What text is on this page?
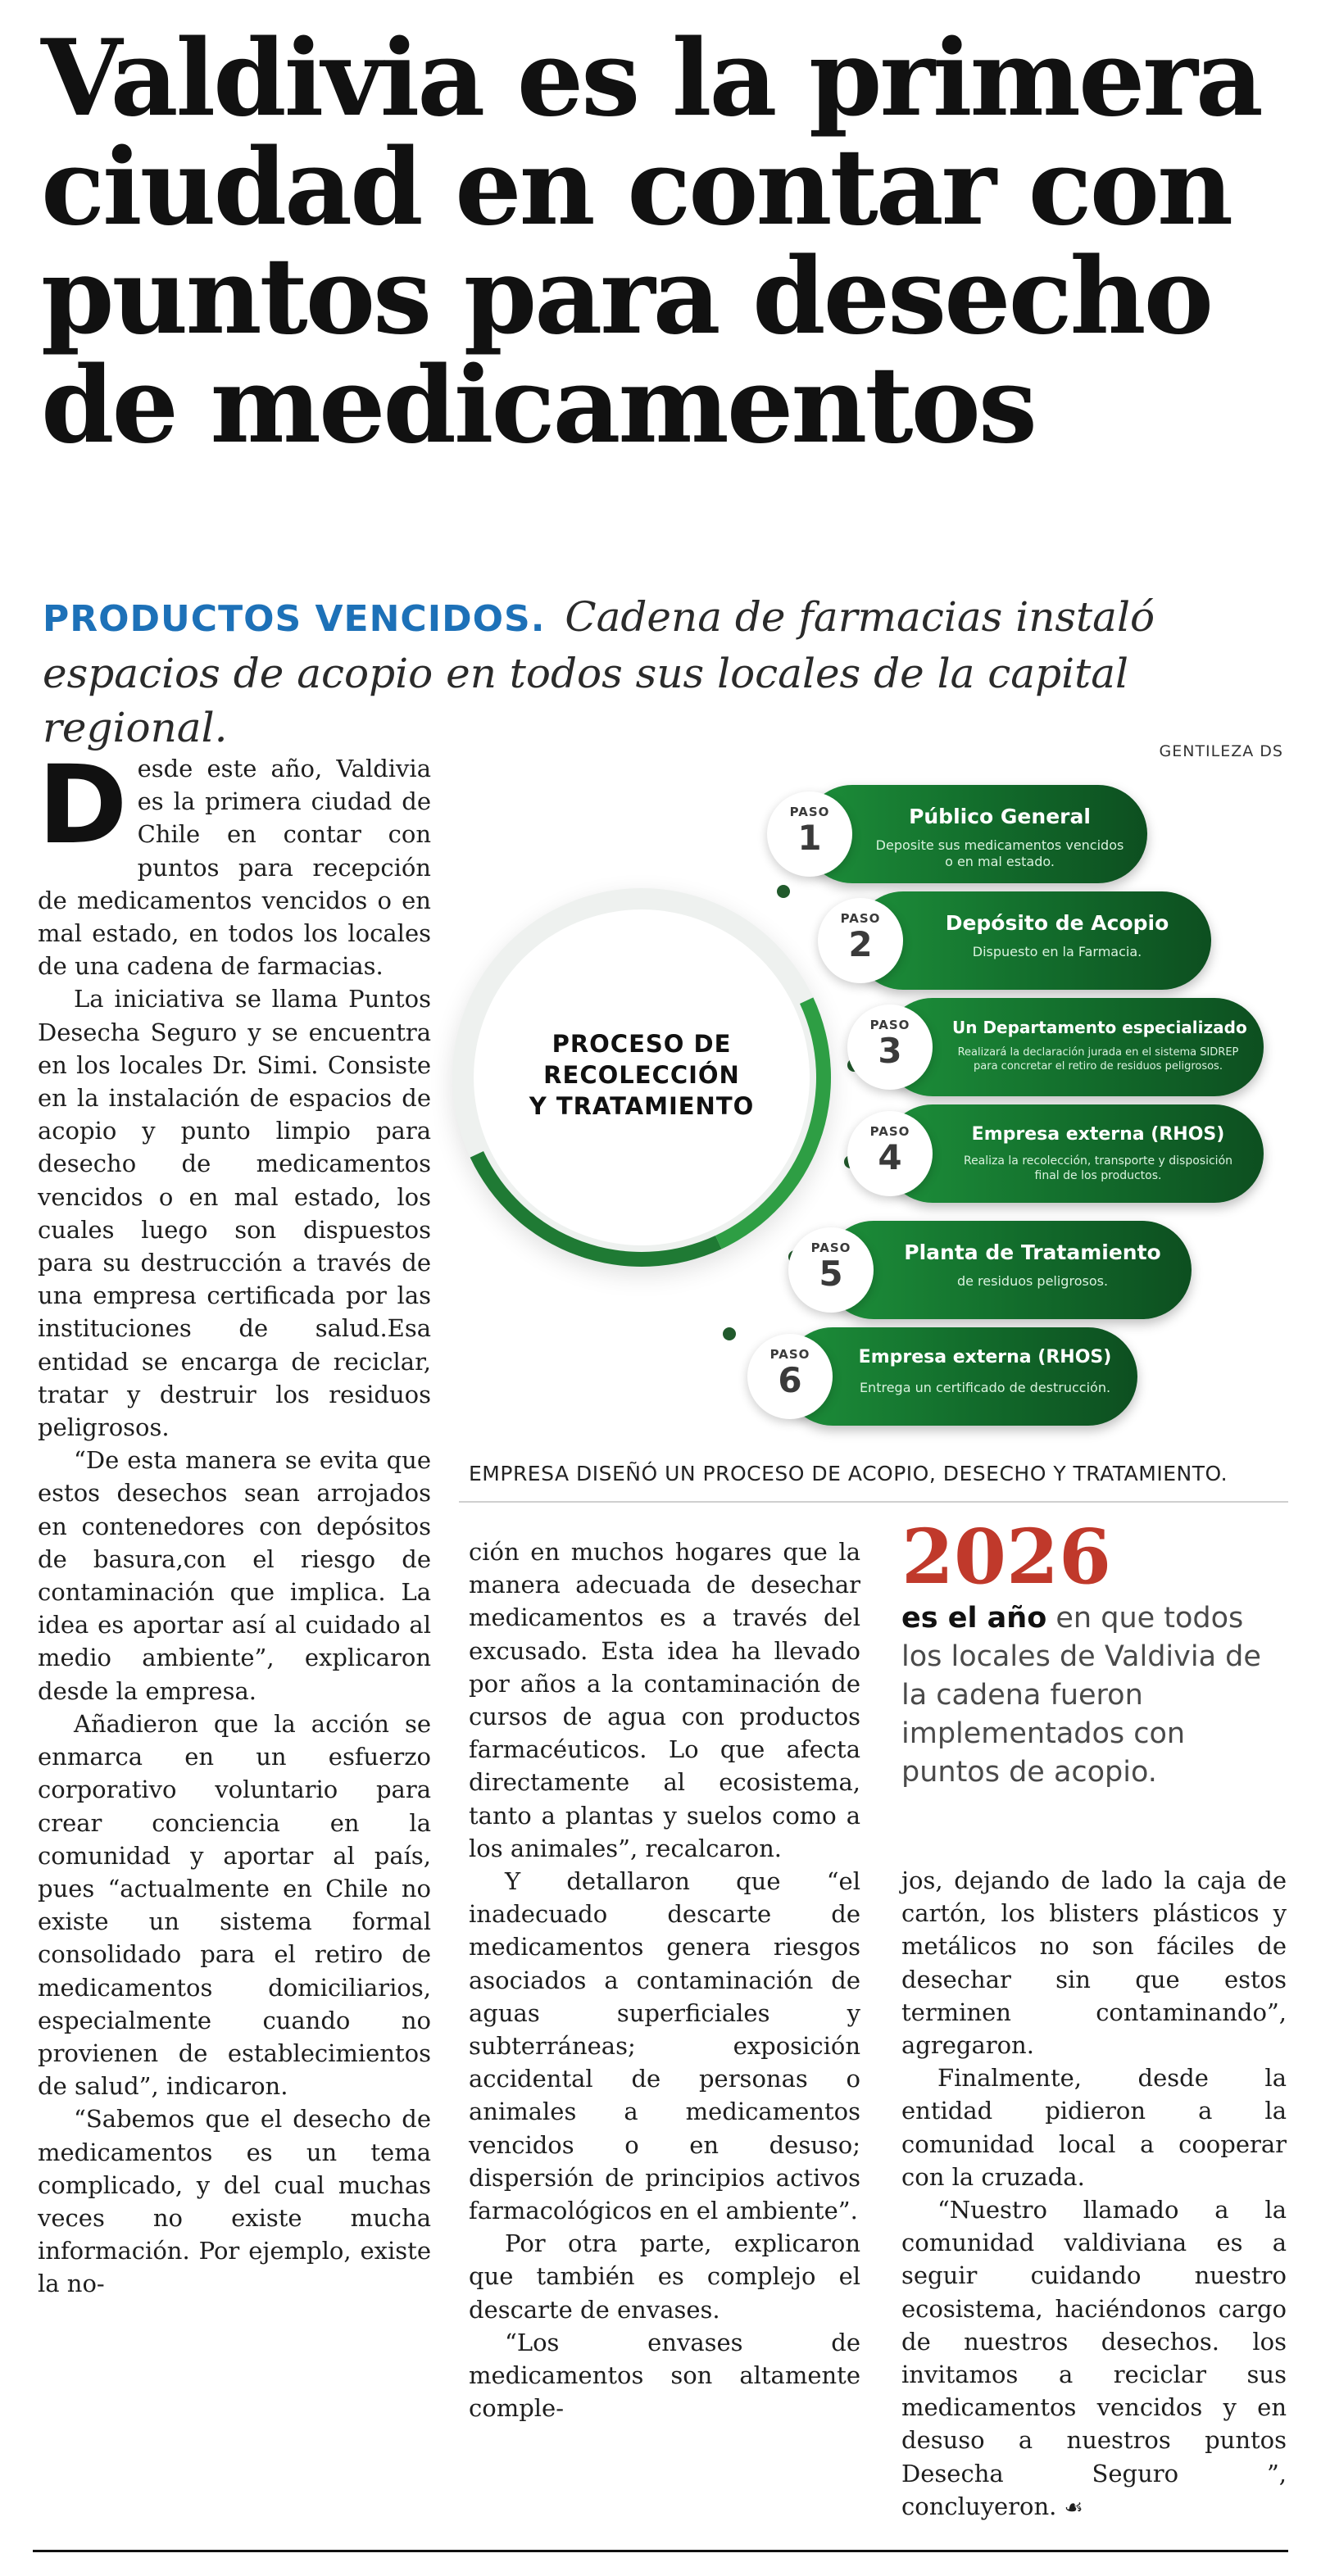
Valdivia es la primera
ciudad en contar con
puntos para desecho
de medicamentos
PRODUCTOS VENCIDOS. Cadena de farmacias instaló espacios de acopio en todos sus locales de la capital regional.	GENTILEZA DS

Desde este año, Valdivia es la primera ciudad de Chile en contar con puntos para recepción de medicamentos vencidos o en mal estado, en todos los locales de una cadena de farmacias.

La iniciativa se llama Puntos Desecha Seguro y se encuentra en los locales Dr. Simi. Consiste en la instalación de espacios de acopio y punto limpio para desecho de medicamentos vencidos o en mal estado, los cuales luego son dispuestos para su destrucción a través de una empresa certificada por las instituciones de salud.Esa entidad se encarga de reciclar, tratar y destruir los residuos peligrosos.

“De esta manera se evita que estos desechos sean arrojados en contenedores con depósitos de basura,con el riesgo de contaminación que implica. La idea es aportar así al cuidado al medio ambiente”, explicaron desde la empresa.

Añadieron que la acción se enmarca en un esfuerzo corporativo voluntario para crear conciencia en la comunidad y aportar al país, pues “actualmente en Chile no existe un sistema formal consolidado para el retiro de medicamentos domiciliarios, especialmente cuando no provienen de establecimientos de salud”, indicaron.

“Sabemos que el desecho de medicamentos es un tema complicado, y del cual muchas veces no existe mucha información. Por ejemplo, existe la no-

PROCESO DE
RECOLECCIÓN
Y TRATAMIENTO
PASO
1
Público General
Deposite sus medicamentos vencidos o en mal estado.
PASO
2
Depósito de Acopio
Dispuesto en la Farmacia.
PASO
3
Un Departamento especializado
Realizará la declaración jurada en el sistema SIDREP para concretar el retiro de residuos peligrosos.
PASO
4
Empresa externa (RHOS)
Realiza la recolección, transporte y disposición final de los productos.
PASO
5
Planta de Tratamiento
de residuos peligrosos.
PASO
6
Empresa externa (RHOS)
Entrega un certificado de destrucción.
EMPRESA DISEÑÓ UN PROCESO DE ACOPIO, DESECHO Y TRATAMIENTO.

ción en muchos hogares que la manera adecuada de desechar medicamentos es a través del excusado. Esta idea ha llevado por años a la contaminación de cursos de agua con productos farmacéuticos. Lo que afecta directamente al ecosistema, tanto a plantas y suelos como a los animales”, recalcaron.

Y detallaron que “el inadecuado descarte de medicamentos genera riesgos asociados a contaminación de aguas superficiales y subterráneas; exposición accidental de personas o animales a medicamentos vencidos o en desuso; dispersión de principios activos farmacológicos en el ambiente”.

Por otra parte, explicaron que también es complejo el descarte de envases.

“Los envases de medicamentos son altamente comple-

2026
es el año en que todos los locales de Valdivia de la cadena fueron implementados con puntos de acopio.

jos, dejando de lado la caja de cartón, los blisters plásticos y metálicos no son fáciles de desechar sin que estos terminen contaminando”, agregaron.

Finalmente, desde la entidad pidieron a la comunidad local a cooperar con la cruzada.

“Nuestro llamado a la comunidad valdiviana es a seguir cuidando nuestro ecosistema, haciéndonos cargo de nuestros desechos. los invitamos a reciclar sus medicamentos vencidos y en desuso a nuestros puntos Desecha Seguro ”, concluyeron. ☙
